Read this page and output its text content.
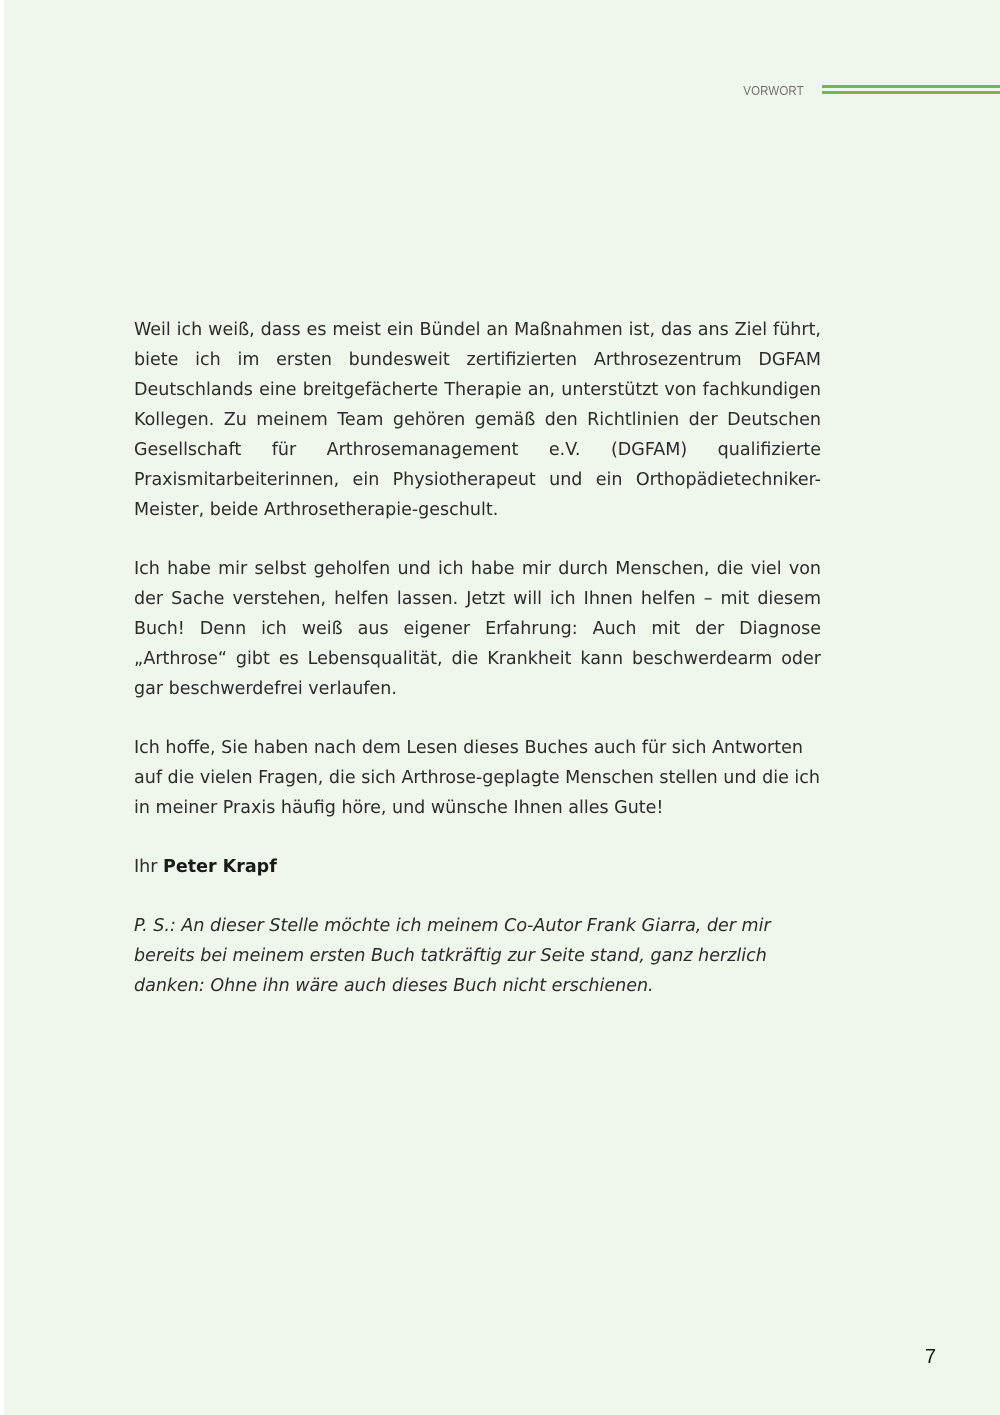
VORWORT

Weil ich weiß, dass es meist ein Bündel an Maßnahmen ist, das ans Ziel führt, biete ich im ersten bundesweit zertifizierten Arthrosezentrum DGFAM Deutschlands eine breitgefächerte Therapie an, unterstützt von fachkundigen Kollegen. Zu meinem Team gehören gemäß den Richtlinien der Deutschen Gesellschaft für Arthrosemanagement e.V. (DGFAM) qualifizierte Praxismitarbeiterinnen, ein Physiotherapeut und ein Orthopädietechniker-Meister, beide Arthrosetherapie-geschult.

Ich habe mir selbst geholfen und ich habe mir durch Menschen, die viel von der Sache verstehen, helfen lassen. Jetzt will ich Ihnen helfen – mit diesem Buch! Denn ich weiß aus eigener Erfahrung: Auch mit der Diagnose „Arthrose“ gibt es Lebensqualität, die Krankheit kann beschwerdearm oder gar beschwerdefrei verlaufen.

Ich hoffe, Sie haben nach dem Lesen dieses Buches auch für sich Antworten auf die vielen Fragen, die sich Arthrose-geplagte Menschen stellen und die ich in meiner Praxis häufig höre, und wünsche Ihnen alles Gute!

Ihr Peter Krapf

P. S.: An dieser Stelle möchte ich meinem Co-Autor Frank Giarra, der mir bereits bei meinem ersten Buch tatkräftig zur Seite stand, ganz herzlich danken: Ohne ihn wäre auch dieses Buch nicht erschienen.

7
